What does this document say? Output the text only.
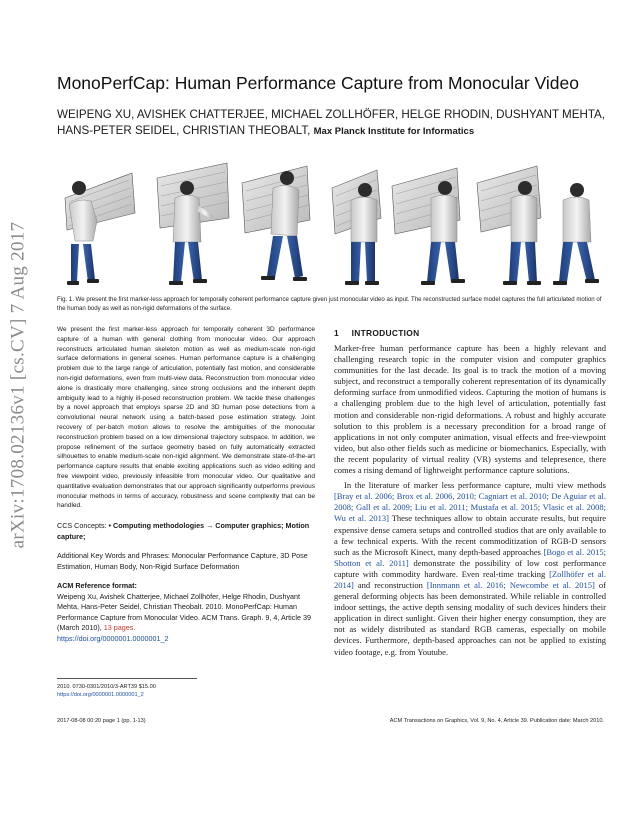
arXiv:1708.02136v1 [cs.CV] 7 Aug 2017
MonoPerfCap: Human Performance Capture from Monocular Video
WEIPENG XU, AVISHEK CHATTERJEE, MICHAEL ZOLLHÖFER, HELGE RHODIN, DUSHYANT MEHTA,
HANS-PETER SEIDEL, CHRISTIAN THEOBALT, Max Planck Institute for Informatics
Fig. 1. We present the first marker-less approach for temporally coherent performance capture given just monocular video as input. The reconstructed surface model captures the full articulated motion of the human body as well as non-rigid deformations of the surface.
We present the first marker-less approach for temporally coherent 3D performance capture of a human with general clothing from monocular video. Our approach reconstructs articulated human skeleton motion as well as medium-scale non-rigid surface deformations in general scenes. Human performance capture is a challenging problem due to the large range of articulation, potentially fast motion, and considerable non-rigid deformations, even from multi-view data. Reconstruction from monocular video alone is drastically more challenging, since strong occlusions and the inherent depth ambiguity lead to a highly ill-posed reconstruction problem. We tackle these challenges by a novel approach that employs sparse 2D and 3D human pose detections from a convolutional neural network using a batch-based pose estimation strategy. Joint recovery of per-batch motion allows to resolve the ambiguities of the monocular reconstruction problem based on a low dimensional trajectory subspace. In addition, we propose refinement of the surface geometry based on fully automatically extracted silhouettes to enable medium-scale non-rigid alignment. We demonstrate state-of-the-art performance capture results that enable exciting applications such as video editing and free viewpoint video, previously infeasible from monocular video. Our qualitative and quantitative evaluation demonstrates that our approach significantly outperforms previous monocular methods in terms of accuracy, robustness and scene complexity that can be handled.
CCS Concepts: • Computing methodologies → Computer graphics; Motion capture;
Additional Key Words and Phrases: Monocular Performance Capture, 3D Pose Estimation, Human Body, Non-Rigid Surface Deformation
ACM Reference format:
Weipeng Xu, Avishek Chatterjee, Michael Zollhöfer, Helge Rhodin, Dushyant Mehta, Hans-Peter Seidel, Christian Theobalt. 2010. MonoPerfCap: Human Performance Capture from Monocular Video. ACM Trans. Graph. 9, 4, Article 39 (March 2010), 13 pages.
https://doi.org/0000001.0000001_2
2010. 0730-0301/2010/3-ART39 $15.00
https://doi.org/0000001.0000001_2
1 INTRODUCTION

Marker-free human performance capture has been a highly relevant and challenging research topic in the computer vision and computer graphics communities for the last decade. Its goal is to track the motion of a moving subject, and reconstruct a temporally coherent representation of its dynamically deforming surface from unmodified videos. Capturing the motion of humans is a challenging problem due to the high level of articulation, potentially fast motion and considerable non-rigid deformations. A robust and highly accurate solution to this problem is a necessary precondition for a broad range of applications in not only computer animation, visual effects and free-viewpoint video, but also other fields such as medicine or biomechanics. Especially, with the recent popularity of virtual reality (VR) systems and telepresence, there comes a rising demand of lightweight performance capture solutions.

In the literature of marker less performance capture, multi view methods [Bray et al. 2006; Brox et al. 2006, 2010; Cagniart et al. 2010; De Aguiar et al. 2008; Gall et al. 2009; Liu et al. 2011; Mustafa et al. 2015; Vlasic et al. 2008; Wu et al. 2013] These techniques allow to obtain accurate results, but require expensive dense camera setups and controlled studios that are only available to a few technical experts. With the recent commoditization of RGB-D sensors such as the Microsoft Kinect, many depth-based approaches [Bogo et al. 2015; Shotton et al. 2011] demonstrate the possibility of low cost performance capture with commodity hardware. Even real-time tracking [Zollhöfer et al. 2014] and reconstruction [Innmann et al. 2016; Newcombe et al. 2015] of general deforming objects has been demonstrated. While reliable in controlled indoor settings, the active depth sensing modality of such devices hinders their application in direct sunlight. Given their higher energy consumption, they are not as widely distributed as standard RGB cameras, especially on mobile devices. Furthermore, depth-based approaches can not be applied to existing video footage, e.g. from Youtube.

2017-08-08 00:20 page 1 (pp. 1-13)	ACM Transactions on Graphics, Vol. 9, No. 4, Article 39. Publication date: March 2010.
